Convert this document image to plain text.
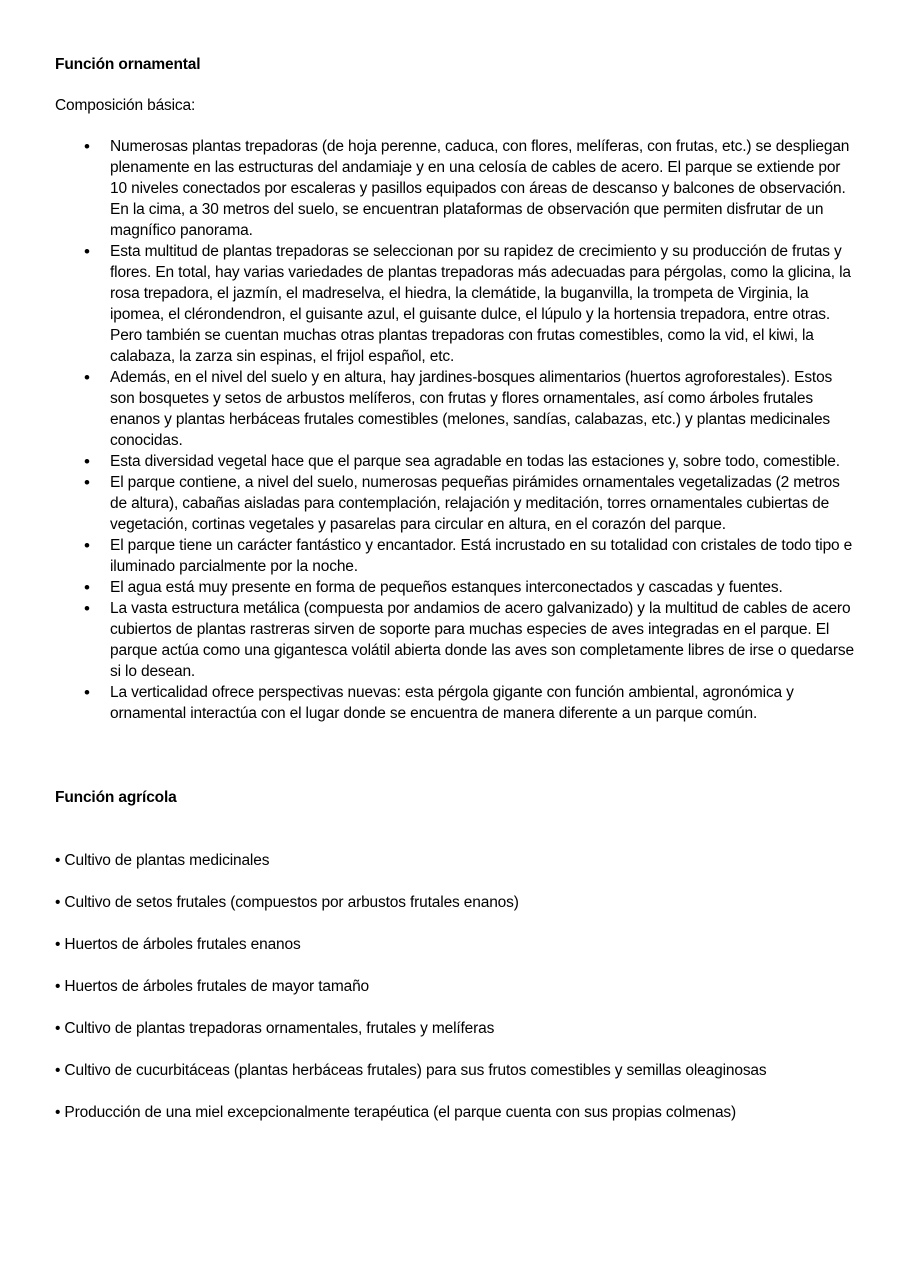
Función ornamental

Composición básica:

• Numerosas plantas trepadoras (de hoja perenne, caduca, con flores, melíferas, con frutas, etc.) se despliegan plenamente en las estructuras del andamiaje y en una celosía de cables de acero. El parque se extiende por 10 niveles conectados por escaleras y pasillos equipados con áreas de descanso y balcones de observación. En la cima, a 30 metros del suelo, se encuentran plataformas de observación que permiten disfrutar de un magnífico panorama.
• Esta multitud de plantas trepadoras se seleccionan por su rapidez de crecimiento y su producción de frutas y flores. En total, hay varias variedades de plantas trepadoras más adecuadas para pérgolas, como la glicina, la rosa trepadora, el jazmín, el madreselva, el hiedra, la clemátide, la buganvilla, la trompeta de Virginia, la ipomea, el clérondendron, el guisante azul, el guisante dulce, el lúpulo y la hortensia trepadora, entre otras. Pero también se cuentan muchas otras plantas trepadoras con frutas comestibles, como la vid, el kiwi, la calabaza, la zarza sin espinas, el frijol español, etc.
• Además, en el nivel del suelo y en altura, hay jardines-bosques alimentarios (huertos agroforestales). Estos son bosquetes y setos de arbustos melíferos, con frutas y flores ornamentales, así como árboles frutales enanos y plantas herbáceas frutales comestibles (melones, sandías, calabazas, etc.) y plantas medicinales conocidas.
• Esta diversidad vegetal hace que el parque sea agradable en todas las estaciones y, sobre todo, comestible.
• El parque contiene, a nivel del suelo, numerosas pequeñas pirámides ornamentales vegetalizadas (2 metros de altura), cabañas aisladas para contemplación, relajación y meditación, torres ornamentales cubiertas de vegetación, cortinas vegetales y pasarelas para circular en altura, en el corazón del parque.
• El parque tiene un carácter fantástico y encantador. Está incrustado en su totalidad con cristales de todo tipo e iluminado parcialmente por la noche.
• El agua está muy presente en forma de pequeños estanques interconectados y cascadas y fuentes.
• La vasta estructura metálica (compuesta por andamios de acero galvanizado) y la multitud de cables de acero cubiertos de plantas rastreras sirven de soporte para muchas especies de aves integradas en el parque. El parque actúa como una gigantesca volátil abierta donde las aves son completamente libres de irse o quedarse si lo desean.
• La verticalidad ofrece perspectivas nuevas: esta pérgola gigante con función ambiental, agronómica y ornamental interactúa con el lugar donde se encuentra de manera diferente a un parque común.

Función agrícola

• Cultivo de plantas medicinales

• Cultivo de setos frutales (compuestos por arbustos frutales enanos)

• Huertos de árboles frutales enanos

• Huertos de árboles frutales de mayor tamaño

• Cultivo de plantas trepadoras ornamentales, frutales y melíferas

• Cultivo de cucurbitáceas (plantas herbáceas frutales) para sus frutos comestibles y semillas oleaginosas

• Producción de una miel excepcionalmente terapéutica (el parque cuenta con sus propias colmenas)
